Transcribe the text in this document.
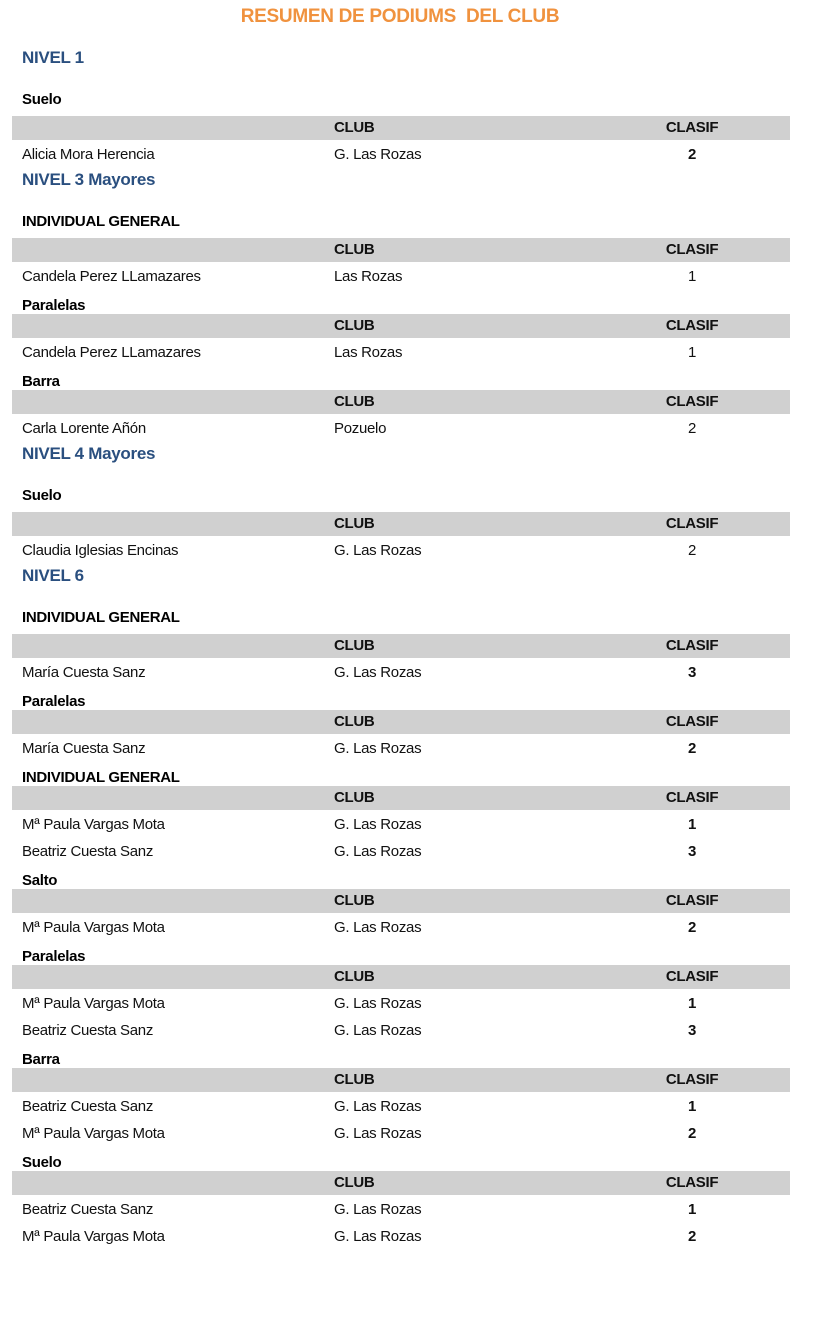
RESUMEN DE PODIUMS  DEL CLUB
NIVEL 1
Suelo
CLUB	CLASIF
Alicia Mora Herencia	G. Las Rozas	2
NIVEL 3 Mayores
INDIVIDUAL GENERAL
CLUB	CLASIF
Candela Perez LLamazares	Las Rozas	1
Paralelas
CLUB	CLASIF
Candela Perez LLamazares	Las Rozas	1
Barra
CLUB	CLASIF
Carla Lorente Añón	Pozuelo	2
NIVEL 4 Mayores
Suelo
CLUB	CLASIF
Claudia Iglesias Encinas	G. Las Rozas	2
NIVEL 6
INDIVIDUAL GENERAL
CLUB	CLASIF
María Cuesta Sanz	G. Las Rozas	3
Paralelas
CLUB	CLASIF
María Cuesta Sanz	G. Las Rozas	2
INDIVIDUAL GENERAL
CLUB	CLASIF
Mª Paula Vargas Mota	G. Las Rozas	1
Beatriz Cuesta Sanz	G. Las Rozas	3
Salto
CLUB	CLASIF
Mª Paula Vargas Mota	G. Las Rozas	2
Paralelas
CLUB	CLASIF
Mª Paula Vargas Mota	G. Las Rozas	1
Beatriz Cuesta Sanz	G. Las Rozas	3
Barra
CLUB	CLASIF
Beatriz Cuesta Sanz	G. Las Rozas	1
Mª Paula Vargas Mota	G. Las Rozas	2
Suelo
CLUB	CLASIF
Beatriz Cuesta Sanz	G. Las Rozas	1
Mª Paula Vargas Mota	G. Las Rozas	2
